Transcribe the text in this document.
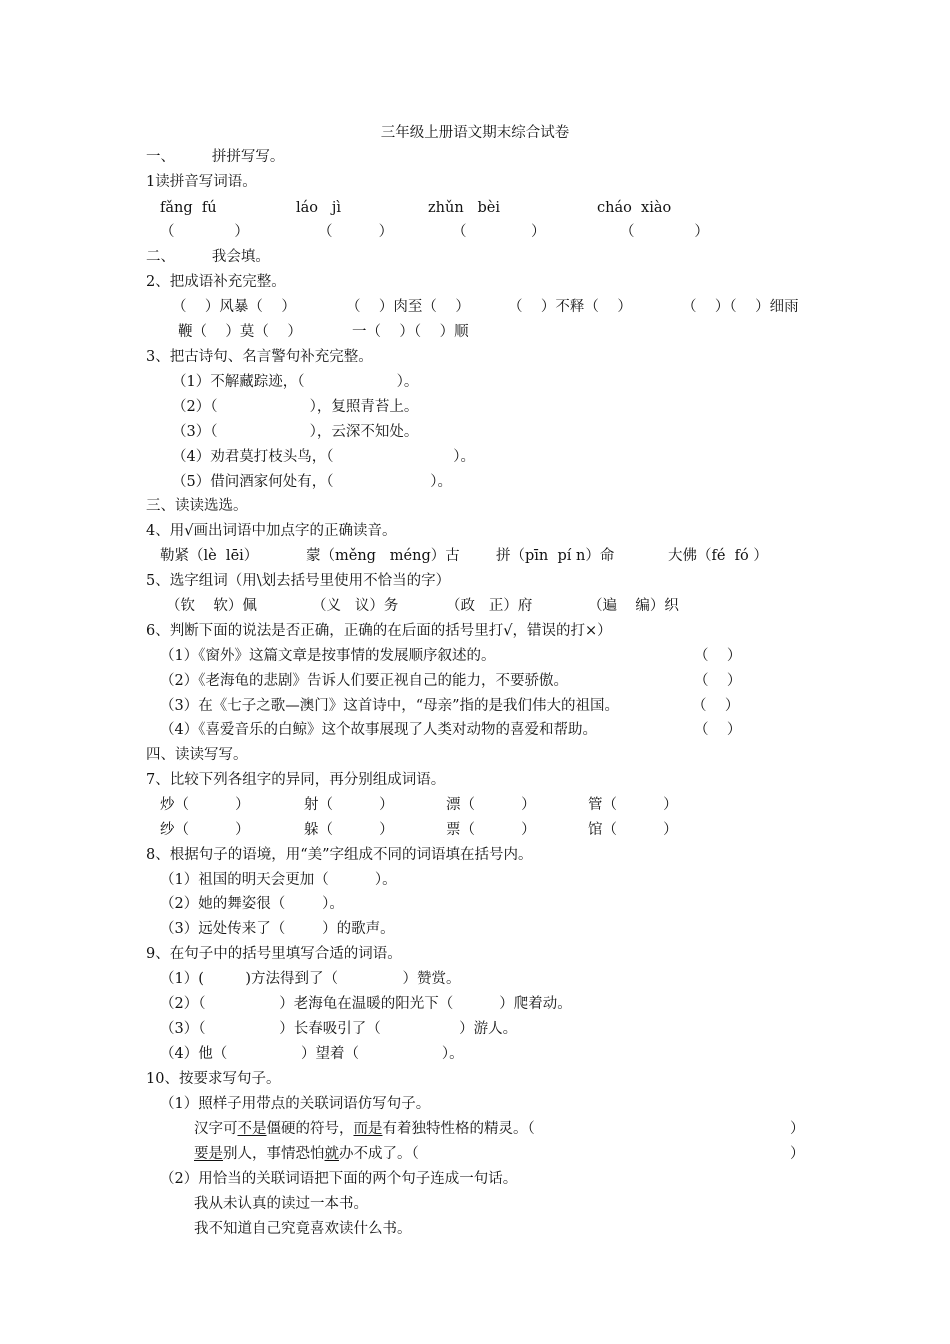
三年级上册语文期末综合试卷
一、        拼拼写写。
1读拼音写词语。
fǎng  fú	láo   jì	zhǔn   bèi	cháo  xiào
（             ）	（          ）	（              ）	（             ）
二、        我会填。
2、把成语补充完整。
（    ）风暴（    ）	（    ）肉至（    ）	（    ）不释（    ）	（    ）（    ）细雨
鞭（    ）莫（    ）	一（    ）（    ）顺
3、把古诗句、名言警句补充完整。
（1）不解藏踪迹，（                    ）。
（2）（                    ），复照青苔上。
（3）（                    ），云深不知处。
（4）劝君莫打枝头鸟，（                          ）。
（5）借问酒家何处有，（                     ）。
三、读读选选。
4、用√画出词语中加点字的正确读音。
勒紧（lè  lēi）	蒙（měng   méng）古	拼（pīn  pí n）命	大佛（fé  fó ）
5、选字组词（用\划去括号里使用不恰当的字）
（钦    软）佩	（义   议）务	（政   正）府	（遍    编）织
6、判断下面的说法是否正确，正确的在后面的括号里打√，错误的打×）
（1）《窗外》这篇文章是按事情的发展顺序叙述的。	（    ）
（2）《老海龟的悲剧》告诉人们要正视自己的能力，不要骄傲。	（    ）
（3）在《七子之歌—澳门》这首诗中，“母亲”指的是我们伟大的祖国。	（    ）
（4）《喜爱音乐的白鲸》这个故事展现了人类对动物的喜爱和帮助。	（    ）
四、读读写写。
7、比较下列各组字的异同，再分别组成词语。
炒（          ）	射（          ）	漂（          ）	管（          ）
纱（          ）	躲（          ）	票（          ）	馆（          ）
8、根据句子的语境，用“美”字组成不同的词语填在括号内。
（1）祖国的明天会更加（          ）。
（2）她的舞姿很（        ）。
（3）远处传来了（        ）的歌声。
9、在句子中的括号里填写合适的词语。
（1）(         )方法得到了（              ）赞赏。
（2）（                ）老海龟在温暖的阳光下（          ）爬着动。
（3）（                ）长春吸引了（                 ）游人。
（4）他（                ）望着（                  ）。
10、按要求写句子。
（1）照样子用带点的关联词语仿写句子。
汉字可不是僵硬的符号，而是有着独特性格的精灵。（	）
要是别人，事情恐怕就办不成了。（	）
（2）用恰当的关联词语把下面的两个句子连成一句话。
我从未认真的读过一本书。
我不知道自己究竟喜欢读什么书。
